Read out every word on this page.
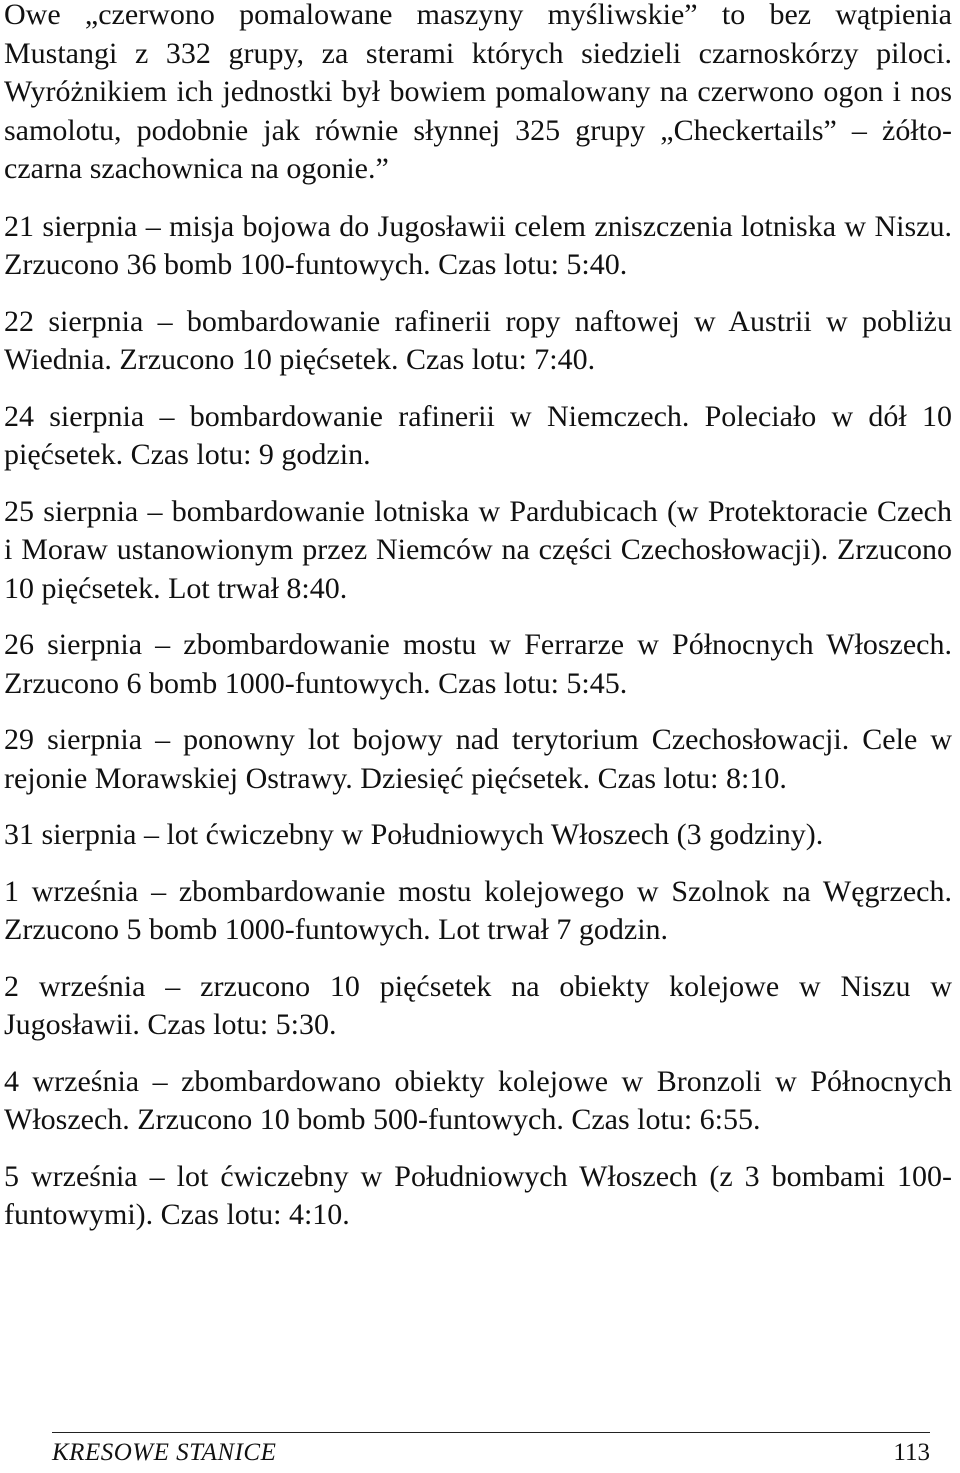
Owe „czerwono pomalowane maszyny myśliwskie” to bez wątpienia Mustangi z 332 grupy, za sterami których siedzieli czarnoskórzy piloci. Wyróżnikiem ich jednostki był bowiem pomalowany na czerwono ogon i nos samolotu, podobnie jak równie słynnej 325 grupy „Checkertails” – żółto-czarna szachownica na ogonie.”

21 sierpnia – misja bojowa do Jugosławii celem zniszczenia lotniska w Niszu. Zrzucono 36 bomb 100-funtowych. Czas lotu: 5:40.

22 sierpnia – bombardowanie rafinerii ropy naftowej w Austrii w pobliżu Wiednia. Zrzucono 10 pięćsetek. Czas lotu: 7:40.

24 sierpnia – bombardowanie rafinerii w Niemczech. Poleciało w dół 10 pięćsetek. Czas lotu: 9 godzin.

25 sierpnia – bombardowanie lotniska w Pardubicach (w Protektoracie Czech i Moraw ustanowionym przez Niemców na części Czechosłowacji). Zrzucono 10 pięćsetek. Lot trwał 8:40.

26 sierpnia – zbombardowanie mostu w Ferrarze w Północnych Włoszech. Zrzucono 6 bomb 1000-funtowych. Czas lotu: 5:45.

29 sierpnia – ponowny lot bojowy nad terytorium Czechosłowacji. Cele w rejonie Morawskiej Ostrawy. Dziesięć pięćsetek. Czas lotu: 8:10.

31 sierpnia – lot ćwiczebny w Południowych Włoszech (3 godziny).

1 września – zbombardowanie mostu kolejowego w Szolnok na Węgrzech. Zrzucono 5 bomb 1000-funtowych. Lot trwał 7 godzin.

2 września – zrzucono 10 pięćsetek na obiekty kolejowe w Niszu w Jugosławii. Czas lotu: 5:30.

4 września – zbombardowano obiekty kolejowe w Bronzoli w Północnych Włoszech. Zrzucono 10 bomb 500-funtowych. Czas lotu: 6:55.

5 września – lot ćwiczebny w Południowych Włoszech (z 3 bombami 100-funtowymi). Czas lotu: 4:10.

KRESOWE STANICE	113
